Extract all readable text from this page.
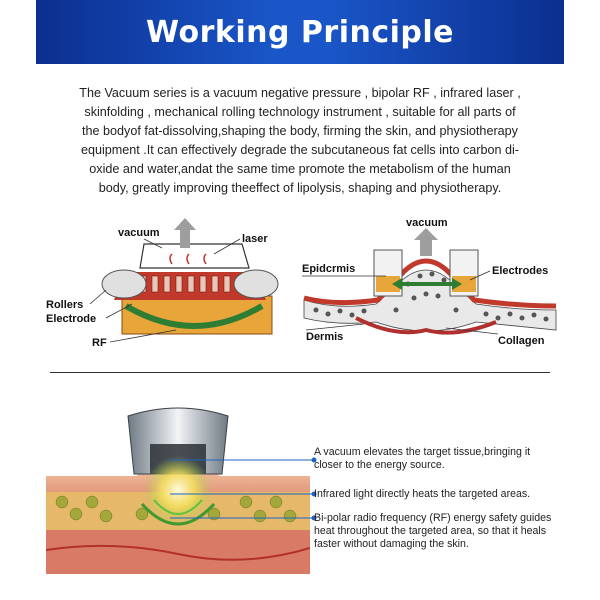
Working Principle
The Vacuum series is a vacuum negative pressure , bipolar RF , infrared laser ,
skinfolding , mechanical rolling technology instrument , suitable for all parts of
the bodyof fat-dissolving,shaping the body, firming the skin, and physiotherapy
equipment .It can effectively degrade the subcutaneous fat cells into carbon di-
oxide and water,andat the same time promote the metabolism of the human
body, greatly improving theeffect of lipolysis, shaping and physiotherapy.
vacuum	laser
Rollers
Electrode
RF
vacuum
Epidcrmis	Electrodes
Dermis	Collagen
A vacuum elevates the target tissue,bringing it closer to the energy source.
Infrared light directly heats the targeted areas.
Bi-polar radio frequency (RF) energy safety guides heat throughout the targeted area, so that it heals faster without damaging the skin.
